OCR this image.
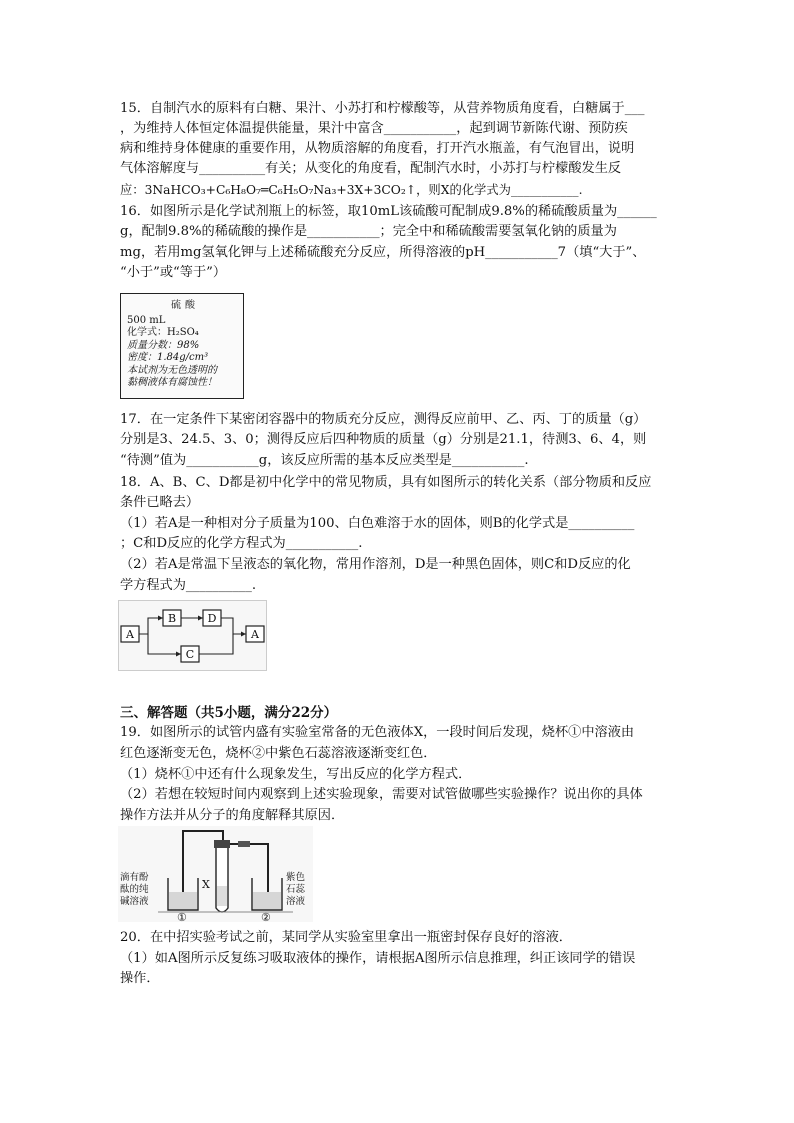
15．自制汽水的原料有白糖、果汁、小苏打和柠檬酸等，从营养物质角度看，白糖属于___
，为维持人体恒定体温提供能量，果汁中富含___________，起到调节新陈代谢、预防疾
病和维持身体健康的重要作用，从物质溶解的角度看，打开汽水瓶盖，有气泡冒出，说明
气体溶解度与__________有关；从变化的角度看，配制汽水时，小苏打与柠檬酸发生反
应：3NaHCO₃+C₆H₈O₇═C₆H₅O₇Na₃+3X+3CO₂↑，则X的化学式为___________.
16．如图所示是化学试剂瓶上的标签，取10mL该硫酸可配制成9.8%的稀硫酸质量为______
g，配制9.8%的稀硫酸的操作是___________；完全中和稀硫酸需要氢氧化钠的质量为
mg，若用mg氢氧化钾与上述稀硫酸充分反应，所得溶液的pH___________7（填“大于”、
“小于”或“等于”）
硫酸
500 mL
化学式：H₂SO₄
质量分数：98%
密度：1.84g/cm³
本试剂为无色透明的
黏稠液体有腐蚀性！
17．在一定条件下某密闭容器中的物质充分反应，测得反应前甲、乙、丙、丁的质量（g）
分别是3、24.5、3、0；测得反应后四种物质的质量（g）分别是21.1，待测3、6、4，则
“待测”值为___________g，该反应所需的基本反应类型是___________.
18．A、B、C、D都是初中化学中的常见物质，具有如图所示的转化关系（部分物质和反应
条件已略去）
（1）若A是一种相对分子质量为100、白色难溶于水的固体，则B的化学式是__________
；C和D反应的化学方程式为___________.
（2）若A是常温下呈液态的氧化物，常用作溶剂，D是一种黑色固体，则C和D反应的化
学方程式为__________.
A
B	D
C
A
三、解答题（共5小题，满分22分）
19．如图所示的试管内盛有实验室常备的无色液体X，一段时间后发现，烧杯①中溶液由
红色逐渐变无色，烧杯②中紫色石蕊溶液逐渐变红色．
（1）烧杯①中还有什么现象发生，写出反应的化学方程式．
（2）若想在较短时间内观察到上述实验现象，需要对试管做哪些实验操作？说出你的具体
操作方法并从分子的角度解释其原因．
滴有酚
酞的纯
碱溶液
X
紫色
石蕊
溶液
①	②
20．在中招实验考试之前，某同学从实验室里拿出一瓶密封保存良好的溶液．
（1）如A图所示反复练习吸取液体的操作，请根据A图所示信息推理，纠正该同学的错误
操作．
